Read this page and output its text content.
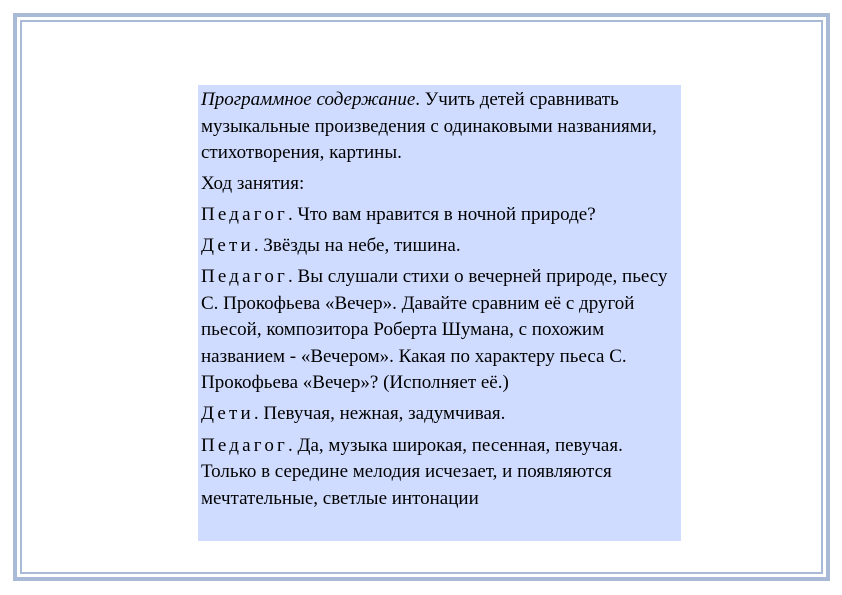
Программное содержание. Учить детей сравнивать музыкальные произведения с одинаковыми названиями, стихотворения, картины.

Ход занятия:

Педагог. Что вам нравится в ночной природе?

Дети. Звёзды на небе, тишина.

Педагог. Вы слушали стихи о вечерней природе, пьесу С. Прокофьева «Вечер». Давайте сравним её с другой пьесой, композитора Роберта Шумана, с похожим названием - «Вечером». Какая по характеру пьеса С. Прокофьева «Вечер»? (Исполняет её.)

Дети. Певучая, нежная, задумчивая.

Педагог. Да, музыка широкая, песенная, певучая. Только в середине мелодия исчезает, и появляются мечтательные, светлые интонации
